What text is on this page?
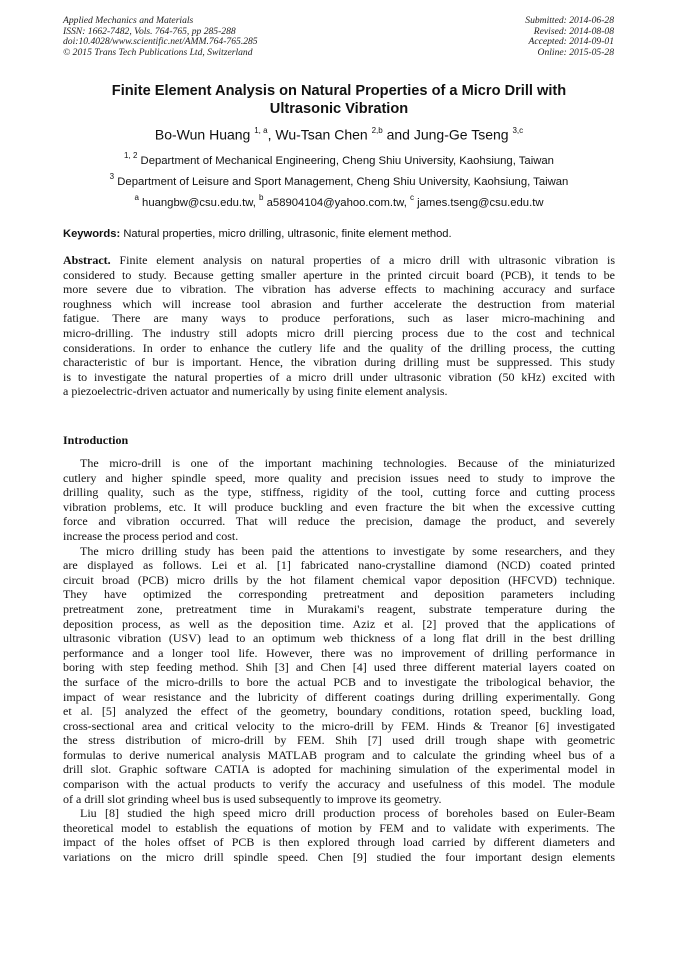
Applied Mechanics and Materials
ISSN: 1662-7482, Vols. 764-765, pp 285-288
doi:10.4028/www.scientific.net/AMM.764-765.285
© 2015 Trans Tech Publications Ltd, Switzerland
Submitted: 2014-06-28
Revised: 2014-08-08
Accepted: 2014-09-01
Online: 2015-05-28
Finite Element Analysis on Natural Properties of a Micro Drill with
Ultrasonic Vibration
Bo-Wun Huang $^{1, a}$, Wu-Tsan Chen $^{2,b}$ and Jung-Ge Tseng $^{3,c}$
$^{1, 2}$ Department of Mechanical Engineering, Cheng Shiu University, Kaohsiung, Taiwan
$^3$ Department of Leisure and Sport Management, Cheng Shiu University, Kaohsiung, Taiwan
$^a$ huangbw@csu.edu.tw, $^b$ a58904104@yahoo.com.tw, $^c$ james.tseng@csu.edu.tw
Keywords: Natural properties, micro drilling, ultrasonic, finite element method.
Abstract. Finite element analysis on natural properties of a micro drill with ultrasonic vibration is
considered to study. Because getting smaller aperture in the printed circuit board (PCB), it tends to be
more severe due to vibration. The vibration has adverse effects to machining accuracy and surface
roughness which will increase tool abrasion and further accelerate the destruction from material
fatigue. There are many ways to produce perforations, such as laser micro-machining and
micro-drilling. The industry still adopts micro drill piercing process due to the cost and technical
considerations. In order to enhance the cutlery life and the quality of the drilling process, the cutting
characteristic of bur is important. Hence, the vibration during drilling must be suppressed. This study
is to investigate the natural properties of a micro drill under ultrasonic vibration (50 kHz) excited with
a piezoelectric-driven actuator and numerically by using finite element analysis.
Introduction
The micro-drill is one of the important machining technologies. Because of the miniaturized
cutlery and higher spindle speed, more quality and precision issues need to study to improve the
drilling quality, such as the type, stiffness, rigidity of the tool, cutting force and cutting process
vibration problems, etc. It will produce buckling and even fracture the bit when the excessive cutting
force and vibration occurred. That will reduce the precision, damage the product, and severely
increase the process period and cost.
The micro drilling study has been paid the attentions to investigate by some researchers, and they
are displayed as follows. Lei et al. [1] fabricated nano-crystalline diamond (NCD) coated printed
circuit broad (PCB) micro drills by the hot filament chemical vapor deposition (HFCVD) technique.
They have optimized the corresponding pretreatment and deposition parameters including
pretreatment zone, pretreatment time in Murakami's reagent, substrate temperature during the
deposition process, as well as the deposition time. Aziz et al. [2] proved that the applications of
ultrasonic vibration (USV) lead to an optimum web thickness of a long flat drill in the best drilling
performance and a longer tool life. However, there was no improvement of drilling performance in
boring with step feeding method. Shih [3] and Chen [4] used three different material layers coated on
the surface of the micro-drills to bore the actual PCB and to investigate the tribological behavior, the
impact of wear resistance and the lubricity of different coatings during drilling experimentally. Gong
et al. [5] analyzed the effect of the geometry, boundary conditions, rotation speed, buckling load,
cross-sectional area and critical velocity to the micro-drill by FEM. Hinds & Treanor [6] investigated
the stress distribution of micro-drill by FEM. Shih [7] used drill trough shape with geometric
formulas to derive numerical analysis MATLAB program and to calculate the grinding wheel bus of a
drill slot. Graphic software CATIA is adopted for machining simulation of the experimental model in
comparison with the actual products to verify the accuracy and usefulness of this model. The module
of a drill slot grinding wheel bus is used subsequently to improve its geometry.
Liu [8] studied the high speed micro drill production process of boreholes based on Euler-Beam
theoretical model to establish the equations of motion by FEM and to validate with experiments. The
impact of the holes offset of PCB is then explored through load carried by different diameters and
variations on the micro drill spindle speed. Chen [9] studied the four important design elements
